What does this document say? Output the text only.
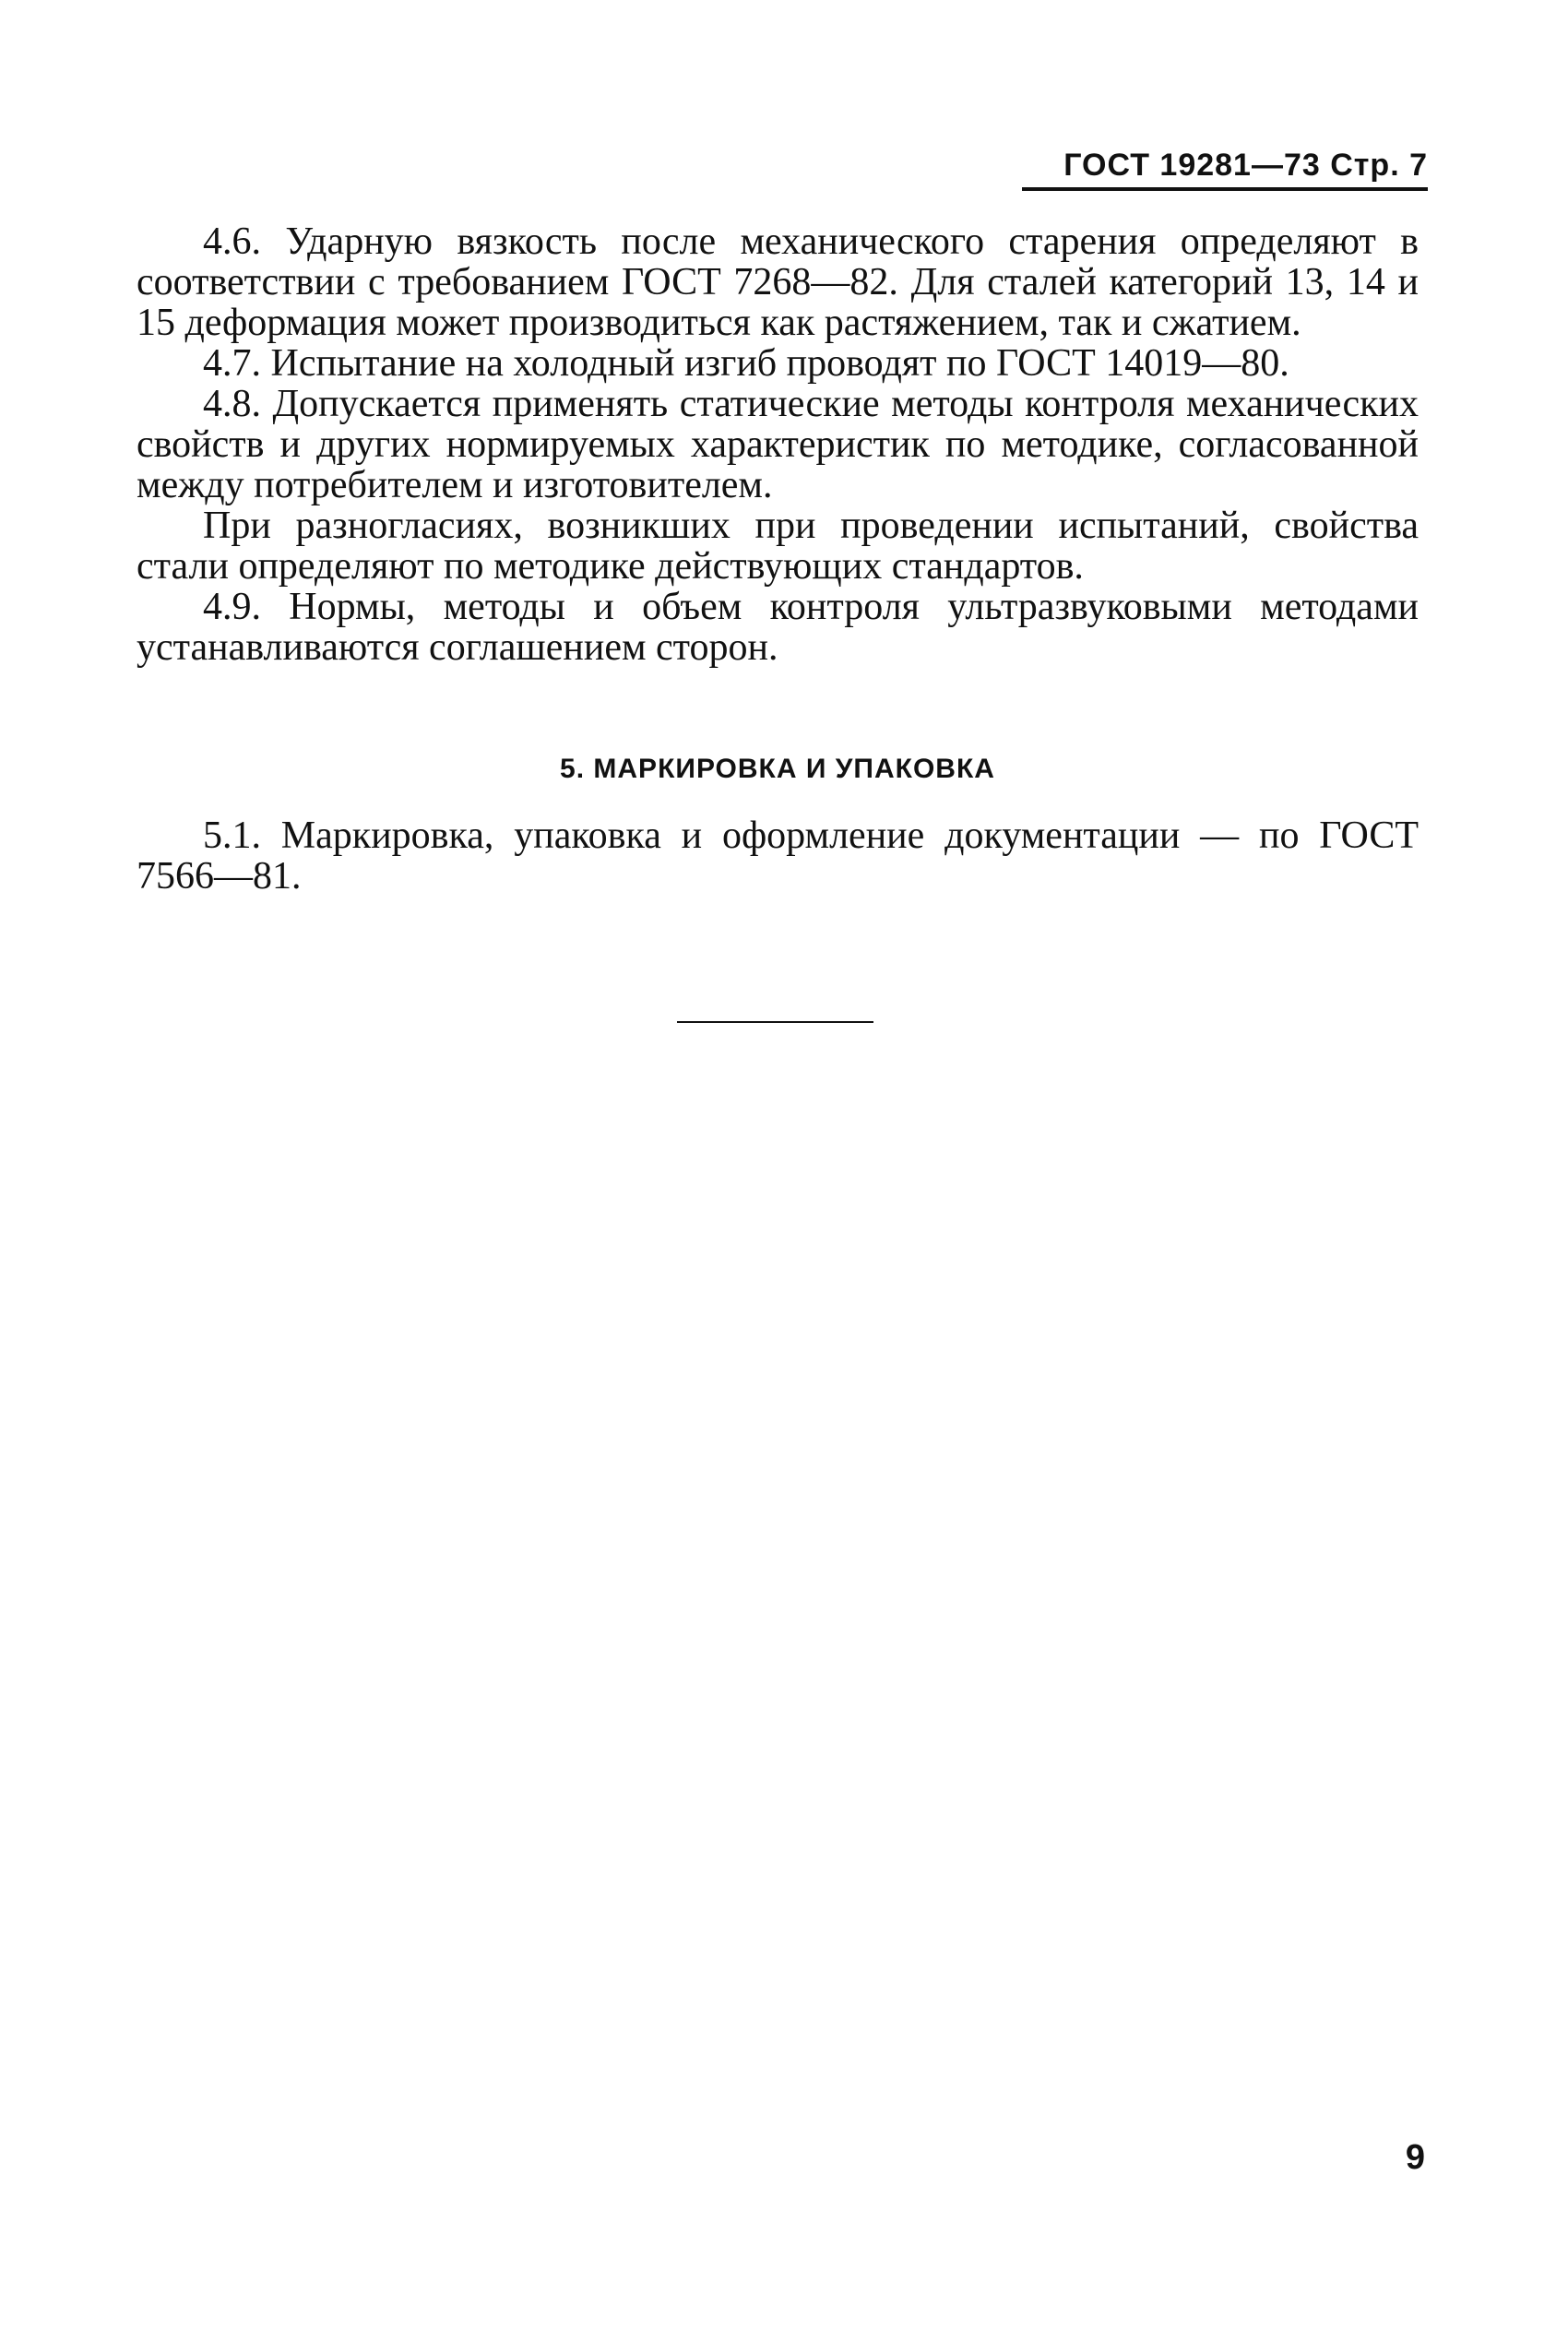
ГОСТ 19281—73 Стр. 7

4.6. Ударную вязкость после механического старения определяют в соответствии с требованием ГОСТ 7268—82. Для сталей категорий 13, 14 и 15 деформация может производиться как растяжением, так и сжатием.

4.7. Испытание на холодный изгиб проводят по ГОСТ 14019—80.

4.8. Допускается применять статические методы контроля механических свойств и других нормируемых характеристик по методике, согласованной между потребителем и изготовителем.

При разногласиях, возникших при проведении испытаний, свойства стали определяют по методике действующих стандартов.

4.9. Нормы, методы и объем контроля ультразвуковыми методами устанавливаются соглашением сторон.

5. МАРКИРОВКА И УПАКОВКА

5.1. Маркировка, упаковка и оформление документации — по ГОСТ 7566—81.

9
